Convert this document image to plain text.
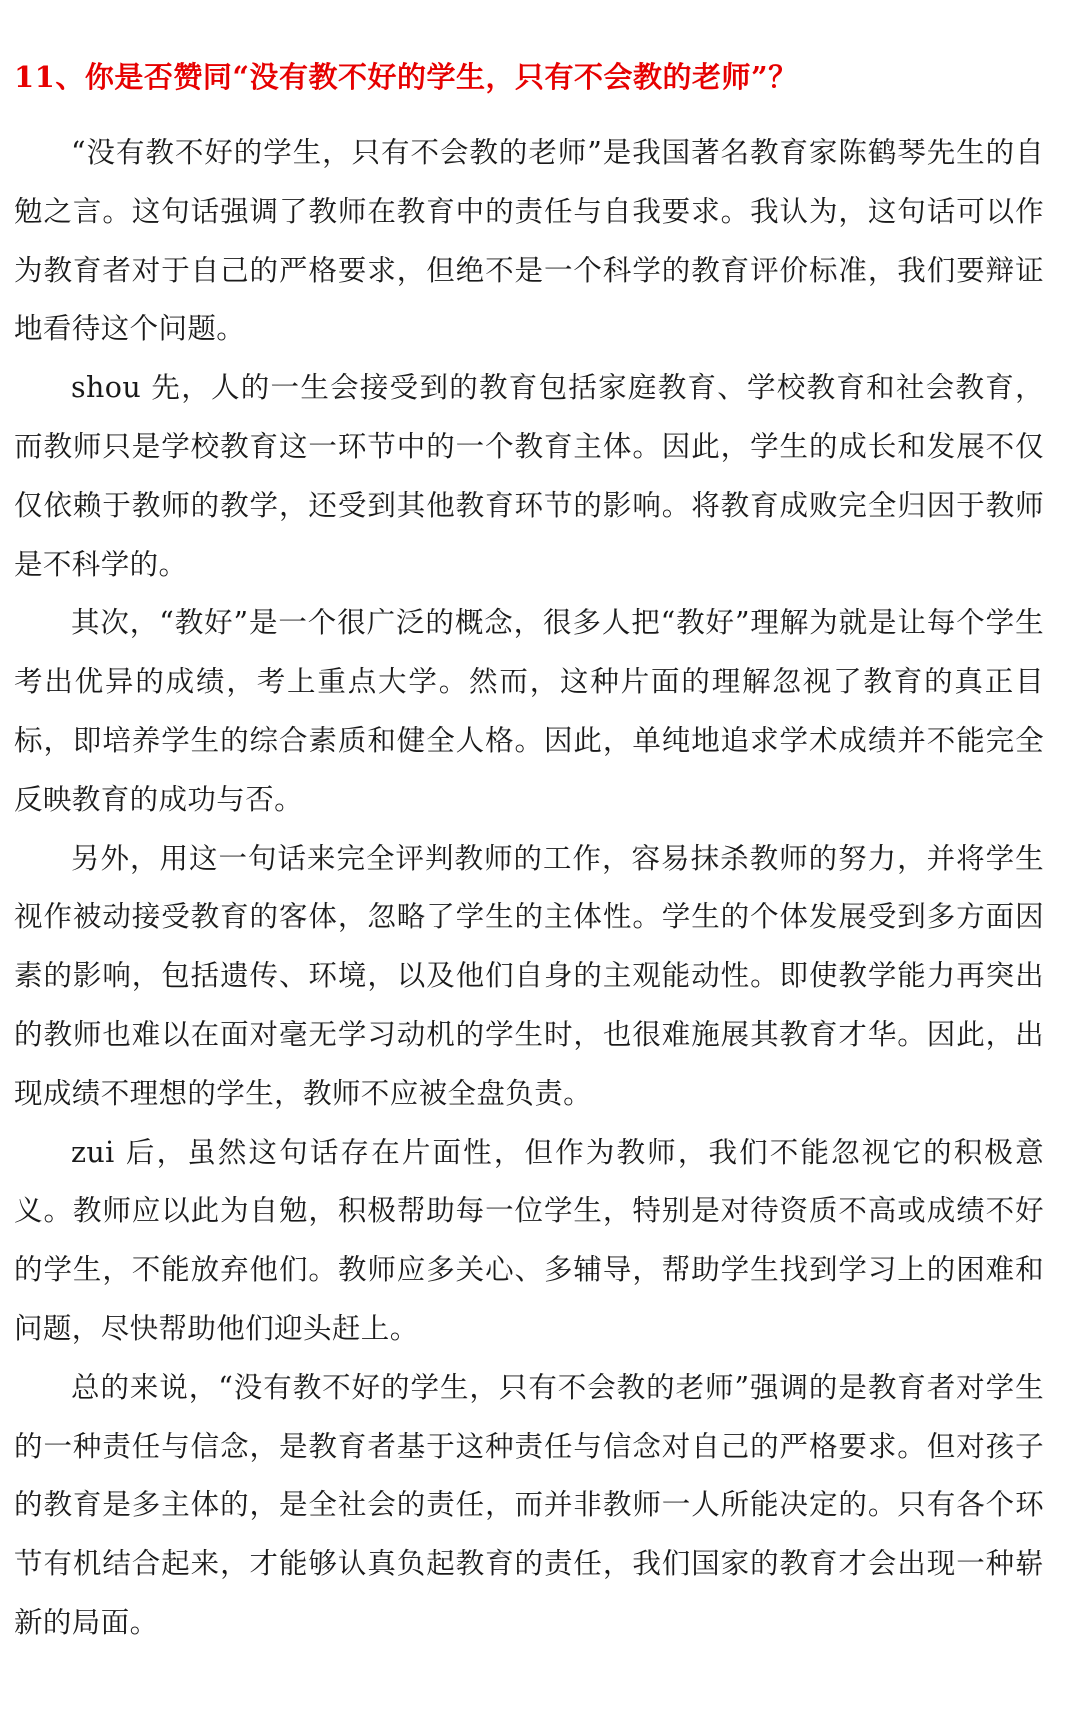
11、你是否赞同“没有教不好的学生，只有不会教的老师”？

“没有教不好的学生，只有不会教的老师”是我国著名教育家陈鹤琴先生的自勉之言。这句话强调了教师在教育中的责任与自我要求。我认为，这句话可以作为教育者对于自己的严格要求，但绝不是一个科学的教育评价标准，我们要辩证地看待这个问题。

shou 先，人的一生会接受到的教育包括家庭教育、学校教育和社会教育，而教师只是学校教育这一环节中的一个教育主体。因此，学生的成长和发展不仅仅依赖于教师的教学，还受到其他教育环节的影响。将教育成败完全归因于教师是不科学的。

其次，“教好”是一个很广泛的概念，很多人把“教好”理解为就是让每个学生考出优异的成绩，考上重点大学。然而，这种片面的理解忽视了教育的真正目标，即培养学生的综合素质和健全人格。因此，单纯地追求学术成绩并不能完全反映教育的成功与否。

另外，用这一句话来完全评判教师的工作，容易抹杀教师的努力，并将学生视作被动接受教育的客体，忽略了学生的主体性。学生的个体发展受到多方面因素的影响，包括遗传、环境，以及他们自身的主观能动性。即使教学能力再突出的教师也难以在面对毫无学习动机的学生时，也很难施展其教育才华。因此，出现成绩不理想的学生，教师不应被全盘负责。

zui 后，虽然这句话存在片面性，但作为教师，我们不能忽视它的积极意义。教师应以此为自勉，积极帮助每一位学生，特别是对待资质不高或成绩不好的学生，不能放弃他们。教师应多关心、多辅导，帮助学生找到学习上的困难和问题，尽快帮助他们迎头赶上。

总的来说，“没有教不好的学生，只有不会教的老师”强调的是教育者对学生的一种责任与信念，是教育者基于这种责任与信念对自己的严格要求。但对孩子的教育是多主体的，是全社会的责任，而并非教师一人所能决定的。只有各个环节有机结合起来，才能够认真负起教育的责任，我们国家的教育才会出现一种崭新的局面。
